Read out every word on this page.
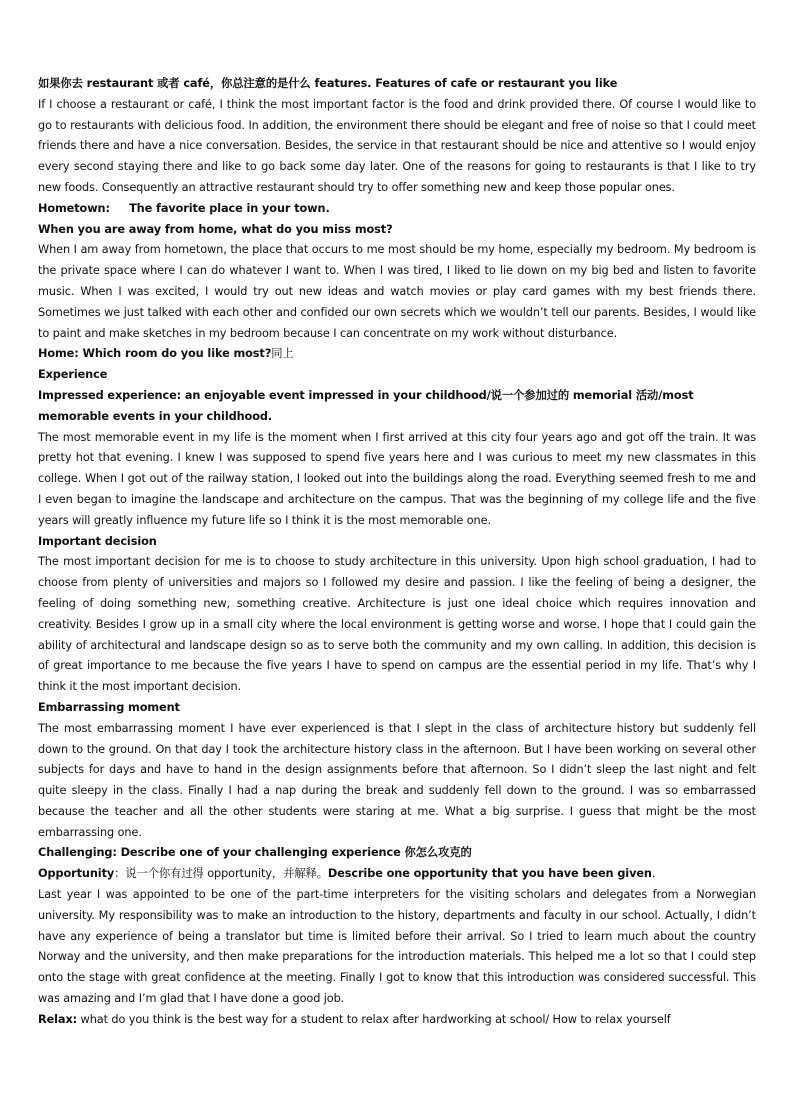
如果你去 restaurant 或者 café，你总注意的是什么 features. Features of cafe or restaurant you like

If I choose a restaurant or café, I think the most important factor is the food and drink provided there. Of course I would like to go to restaurants with delicious food. In addition, the environment there should be elegant and free of noise so that I could meet friends there and have a nice conversation. Besides, the service in that restaurant should be nice and attentive so I would enjoy every second staying there and like to go back some day later. One of the reasons for going to restaurants is that I like to try new foods. Consequently an attractive restaurant should try to offer something new and keep those popular ones.

Hometown:     The favorite place in your town.

When you are away from home, what do you miss most?

When I am away from hometown, the place that occurs to me most should be my home, especially my bedroom. My bedroom is the private space where I can do whatever I want to. When I was tired, I liked to lie down on my big bed and listen to favorite music. When I was excited, I would try out new ideas and watch movies or play card games with my best friends there. Sometimes we just talked with each other and confided our own secrets which we wouldn’t tell our parents. Besides, I would like to paint and make sketches in my bedroom because I can concentrate on my work without disturbance.

Home: Which room do you like most?同上

Experience

Impressed experience: an enjoyable event impressed in your childhood/说一个参加过的 memorial 活动/most memorable events in your childhood.

The most memorable event in my life is the moment when I first arrived at this city four years ago and got off the train. It was pretty hot that evening. I knew I was supposed to spend five years here and I was curious to meet my new classmates in this college. When I got out of the railway station, I looked out into the buildings along the road. Everything seemed fresh to me and I even began to imagine the landscape and architecture on the campus. That was the beginning of my college life and the five years will greatly influence my future life so I think it is the most memorable one.

Important decision

The most important decision for me is to choose to study architecture in this university. Upon high school graduation, I had to choose from plenty of universities and majors so I followed my desire and passion. I like the feeling of being a designer, the feeling of doing something new, something creative. Architecture is just one ideal choice which requires innovation and creativity. Besides I grow up in a small city where the local environment is getting worse and worse. I hope that I could gain the ability of architectural and landscape design so as to serve both the community and my own calling. In addition, this decision is of great importance to me because the five years I have to spend on campus are the essential period in my life. That’s why I think it the most important decision.

Embarrassing moment

The most embarrassing moment I have ever experienced is that I slept in the class of architecture history but suddenly fell down to the ground. On that day I took the architecture history class in the afternoon. But I have been working on several other subjects for days and have to hand in the design assignments before that afternoon. So I didn’t sleep the last night and felt quite sleepy in the class. Finally I had a nap during the break and suddenly fell down to the ground. I was so embarrassed because the teacher and all the other students were staring at me. What a big surprise. I guess that might be the most embarrassing one.

Challenging: Describe one of your challenging experience 你怎么攻克的

Opportunity：说一个你有过得 opportunity，并解释。Describe one opportunity that you have been given.

Last year I was appointed to be one of the part-time interpreters for the visiting scholars and delegates from a Norwegian university. My responsibility was to make an introduction to the history, departments and faculty in our school. Actually, I didn’t have any experience of being a translator but time is limited before their arrival. So I tried to learn much about the country Norway and the university, and then make preparations for the introduction materials. This helped me a lot so that I could step onto the stage with great confidence at the meeting. Finally I got to know that this introduction was considered successful. This was amazing and I’m glad that I have done a good job.

Relax: what do you think is the best way for a student to relax after hardworking at school/ How to relax yourself
